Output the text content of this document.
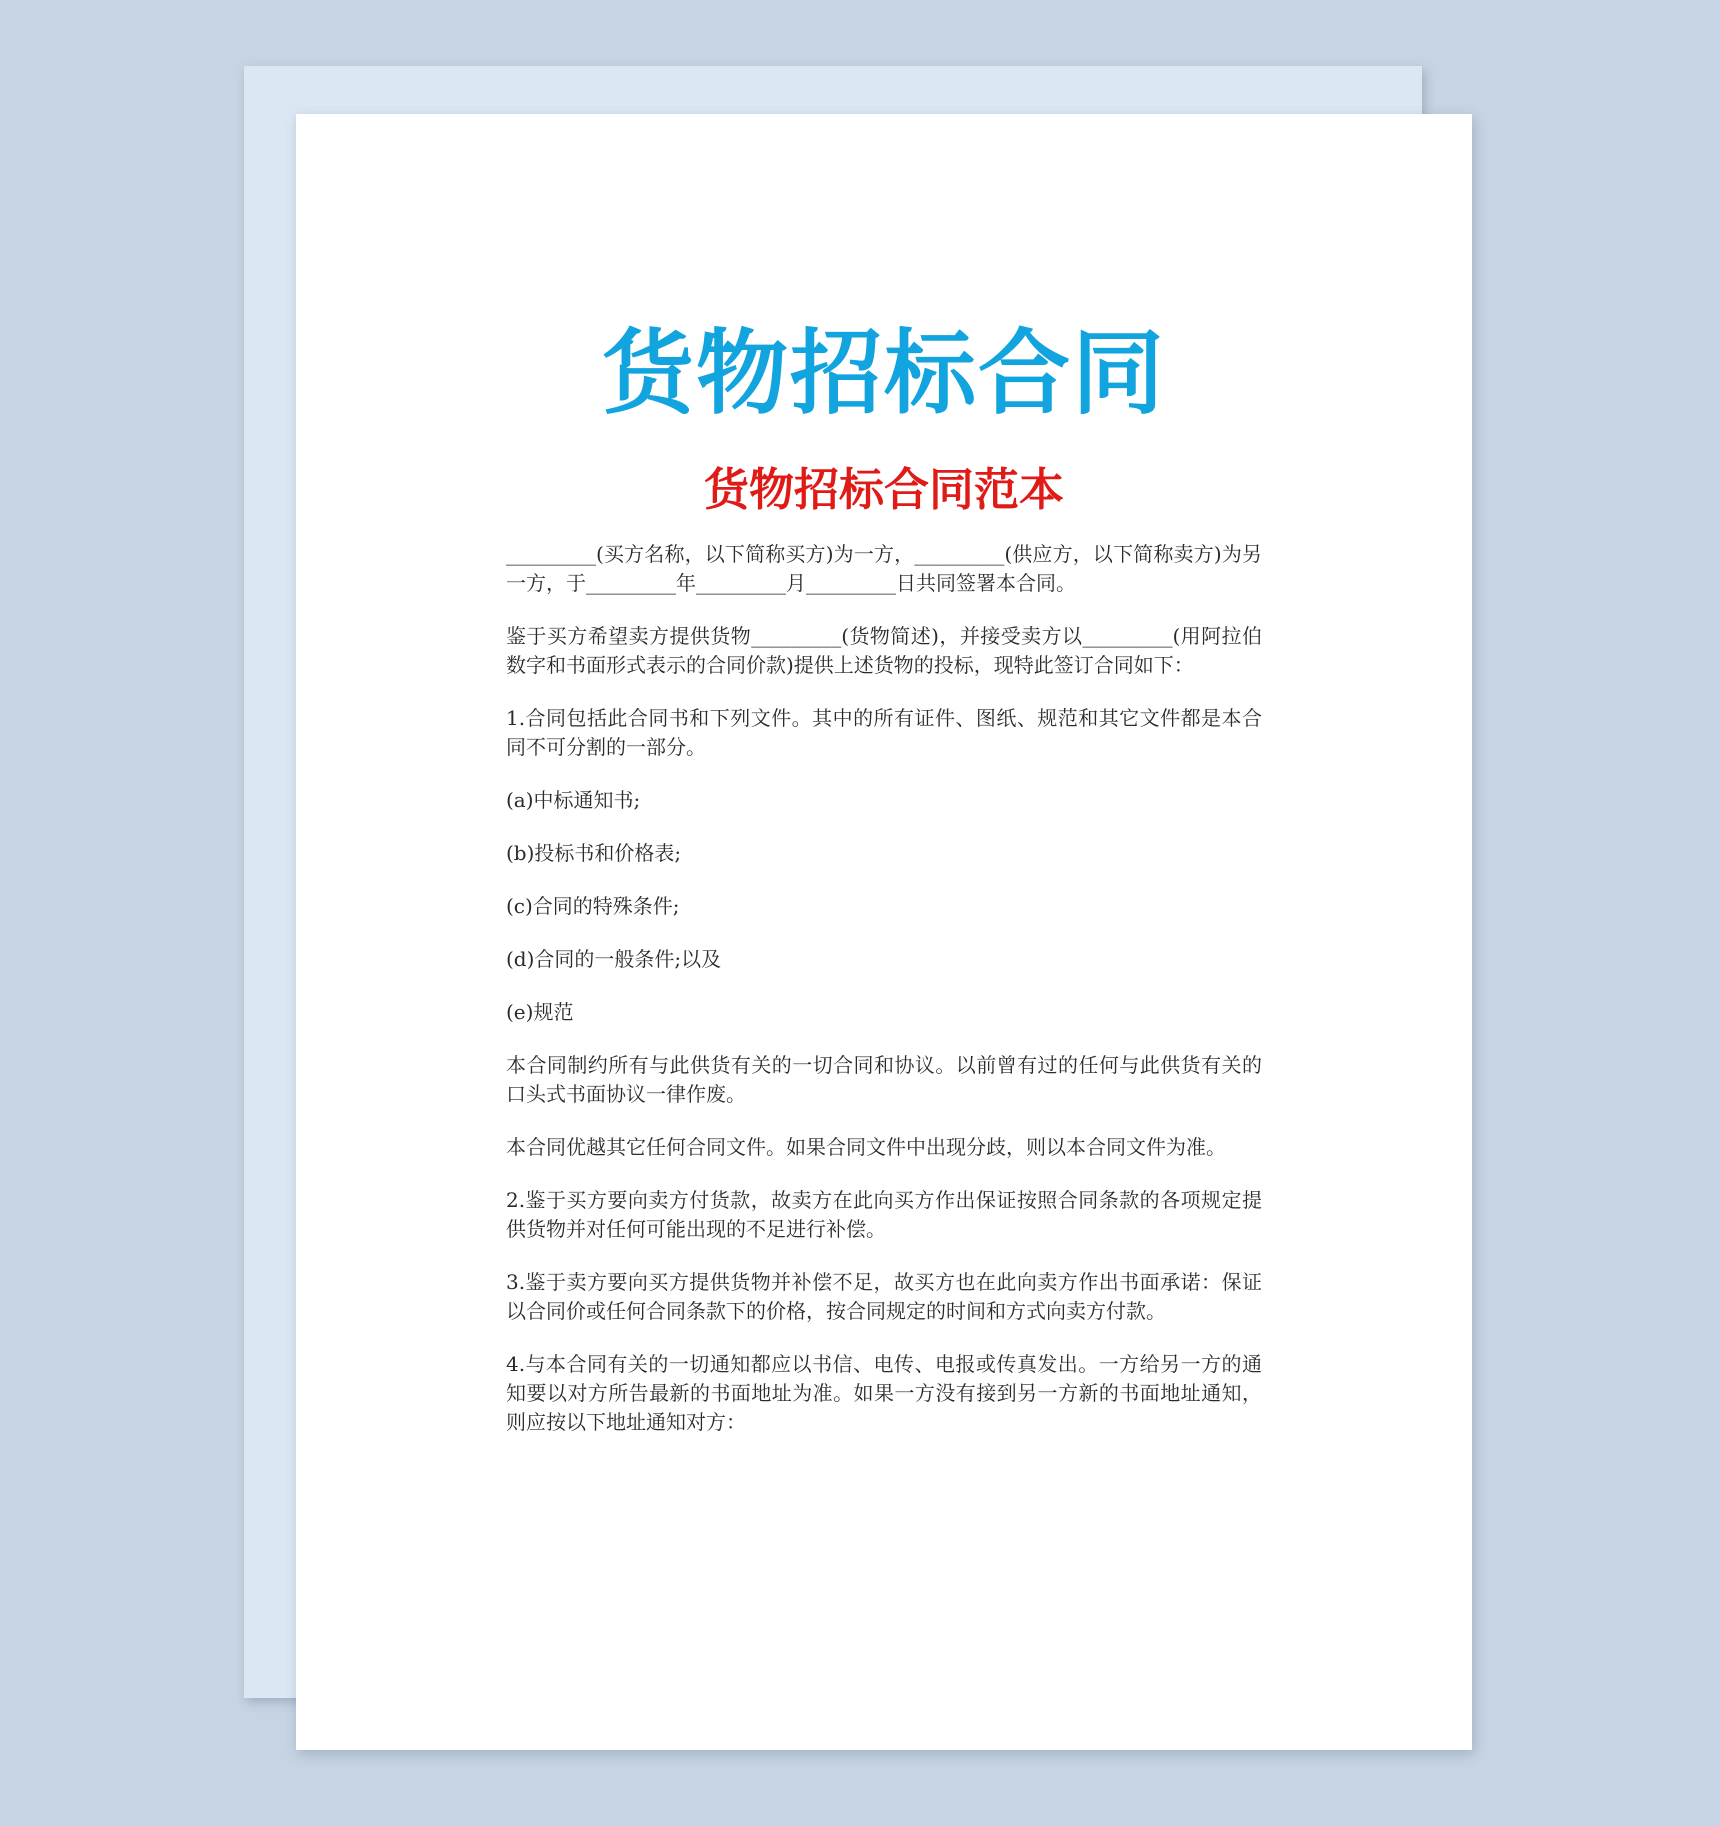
货物招标合同
货物招标合同范本

_________(买方名称，以下简称买方)为一方，_________(供应方，以下简称卖方)为另一方，于_________年_________月_________日共同签署本合同。

鉴于买方希望卖方提供货物_________(货物简述)，并接受卖方以_________(用阿拉伯数字和书面形式表示的合同价款)提供上述货物的投标，现特此签订合同如下：

1.合同包括此合同书和下列文件。其中的所有证件、图纸、规范和其它文件都是本合同不可分割的一部分。

(a)中标通知书;

(b)投标书和价格表;

(c)合同的特殊条件;

(d)合同的一般条件;以及

(e)规范

本合同制约所有与此供货有关的一切合同和协议。以前曾有过的任何与此供货有关的口头式书面协议一律作废。

本合同优越其它任何合同文件。如果合同文件中出现分歧，则以本合同文件为准。

2.鉴于买方要向卖方付货款，故卖方在此向买方作出保证按照合同条款的各项规定提供货物并对任何可能出现的不足进行补偿。

3.鉴于卖方要向买方提供货物并补偿不足，故买方也在此向卖方作出书面承诺：保证以合同价或任何合同条款下的价格，按合同规定的时间和方式向卖方付款。

4.与本合同有关的一切通知都应以书信、电传、电报或传真发出。一方给另一方的通知要以对方所告最新的书面地址为准。如果一方没有接到另一方新的书面地址通知，则应按以下地址通知对方：
